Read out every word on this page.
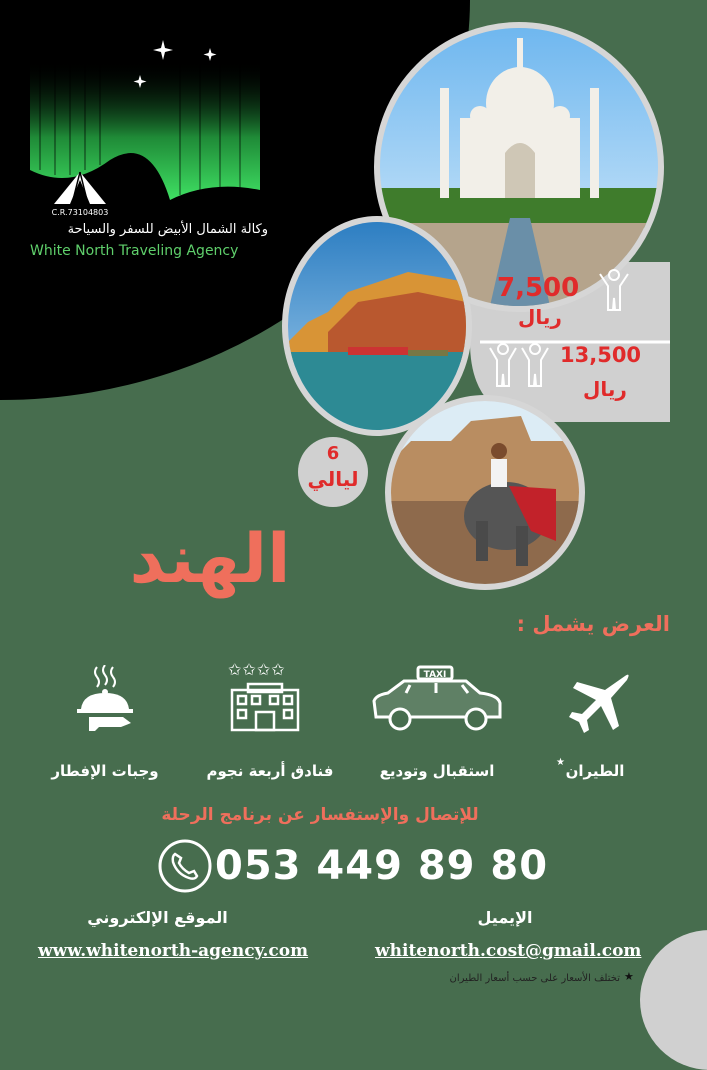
C.R.73104803
وكالة الشمال الأبيض للسفر والسياحة
White North Traveling Agency
7,500
ريال
13,500
ريال
6
ليالي
الهند
العرض يشمل :
الطيران
★
TAXI
استقبال وتوديع
✩✩✩✩
فنادق أربعة نجوم
وجبات الإفطار
للإتصال والإستفسار عن برنامج الرحلة
053 449 89 80
الموقع الإلكتروني
www.whitenorth-agency.com
الإيميل
whitenorth.cost@gmail.com
تختلف الأسعار على حسب أسعار الطيران ★
